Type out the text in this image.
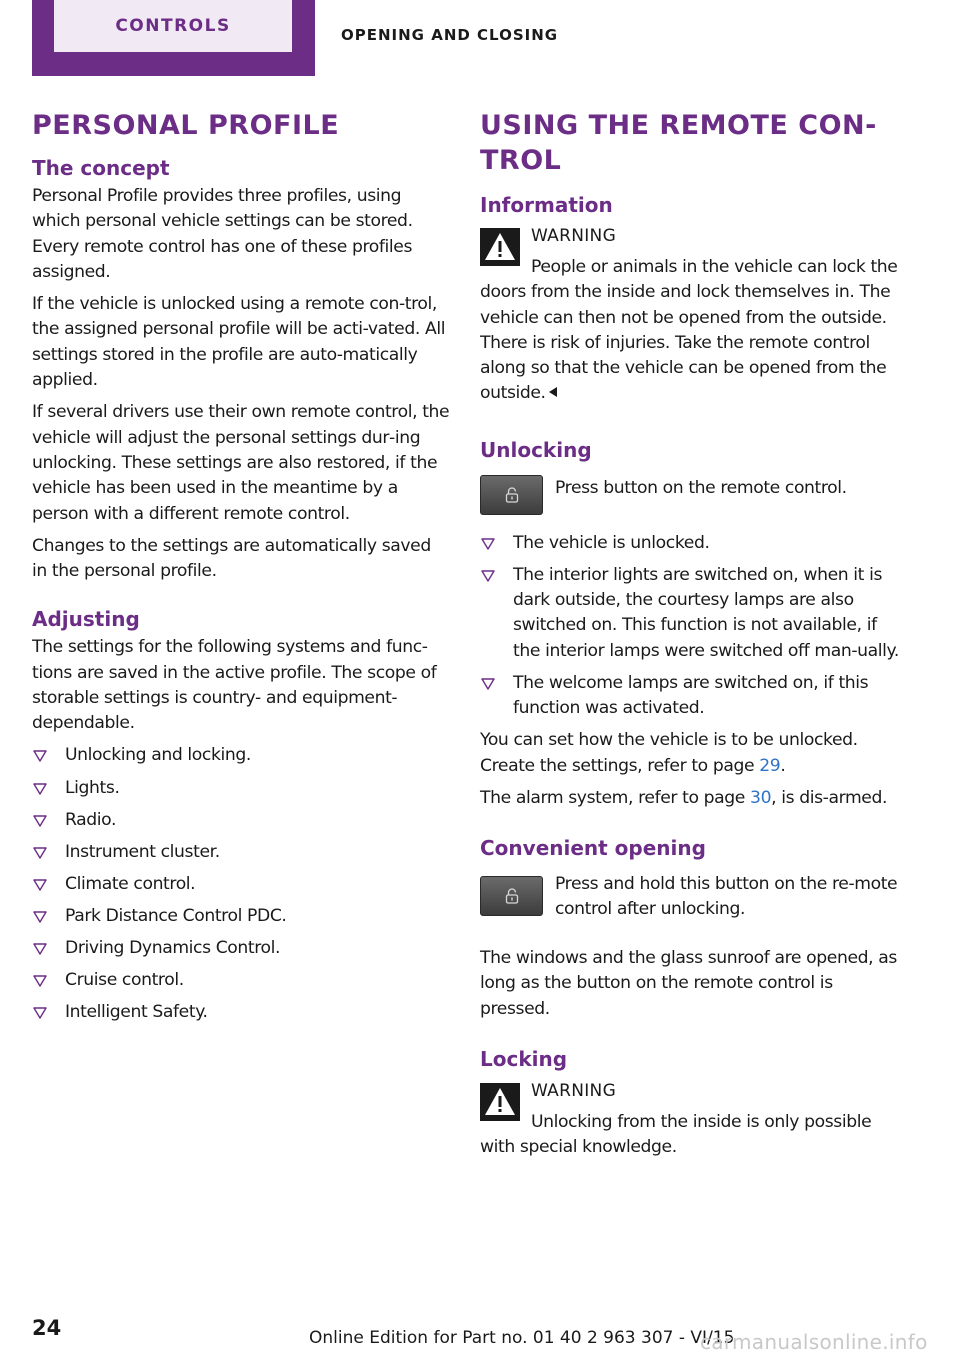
CONTROLS	OPENING AND CLOSING
PERSONAL PROFILE
The concept

Personal Profile provides three profiles, using which personal vehicle settings can be stored. Every remote control has one of these profiles assigned.

If the vehicle is unlocked using a remote con‐trol, the assigned personal profile will be acti‐vated. All settings stored in the profile are auto‐matically applied.

If several drivers use their own remote control, the vehicle will adjust the personal settings dur‐ing unlocking. These settings are also restored, if the vehicle has been used in the meantime by a person with a different remote control.

Changes to the settings are automatically saved in the personal profile.

Adjusting

The settings for the following systems and func‐tions are saved in the active profile. The scope of storable settings is country- and equipment-dependable.

Unlocking and locking.
Lights.
Radio.
Instrument cluster.
Climate control.
Park Distance Control PDC.
Driving Dynamics Control.
Cruise control.
Intelligent Safety.
USING THE REMOTE CON‐
TROL
Information
WARNING

People or animals in the vehicle can lock the doors from the inside and lock themselves in. The vehicle can then not be opened from the outside. There is risk of injuries. Take the remote control along so that the vehicle can be opened from the outside.

Unlocking

Press button on the remote control.

The vehicle is unlocked.
The interior lights are switched on, when it is dark outside, the courtesy lamps are also switched on. This function is not available, if the interior lamps were switched off man‐ually.
The welcome lamps are switched on, if this function was activated.

You can set how the vehicle is to be unlocked. Create the settings, refer to page 29.

The alarm system, refer to page 30, is dis‐armed.

Convenient opening

Press and hold this button on the re‐mote control after unlocking.

The windows and the glass sunroof are opened, as long as the button on the remote control is pressed.

Locking
WARNING

Unlocking from the inside is only possible with special knowledge.

24	Online Edition for Part no. 01 40 2 963 307 - VI/15
carmanualsonline.info
